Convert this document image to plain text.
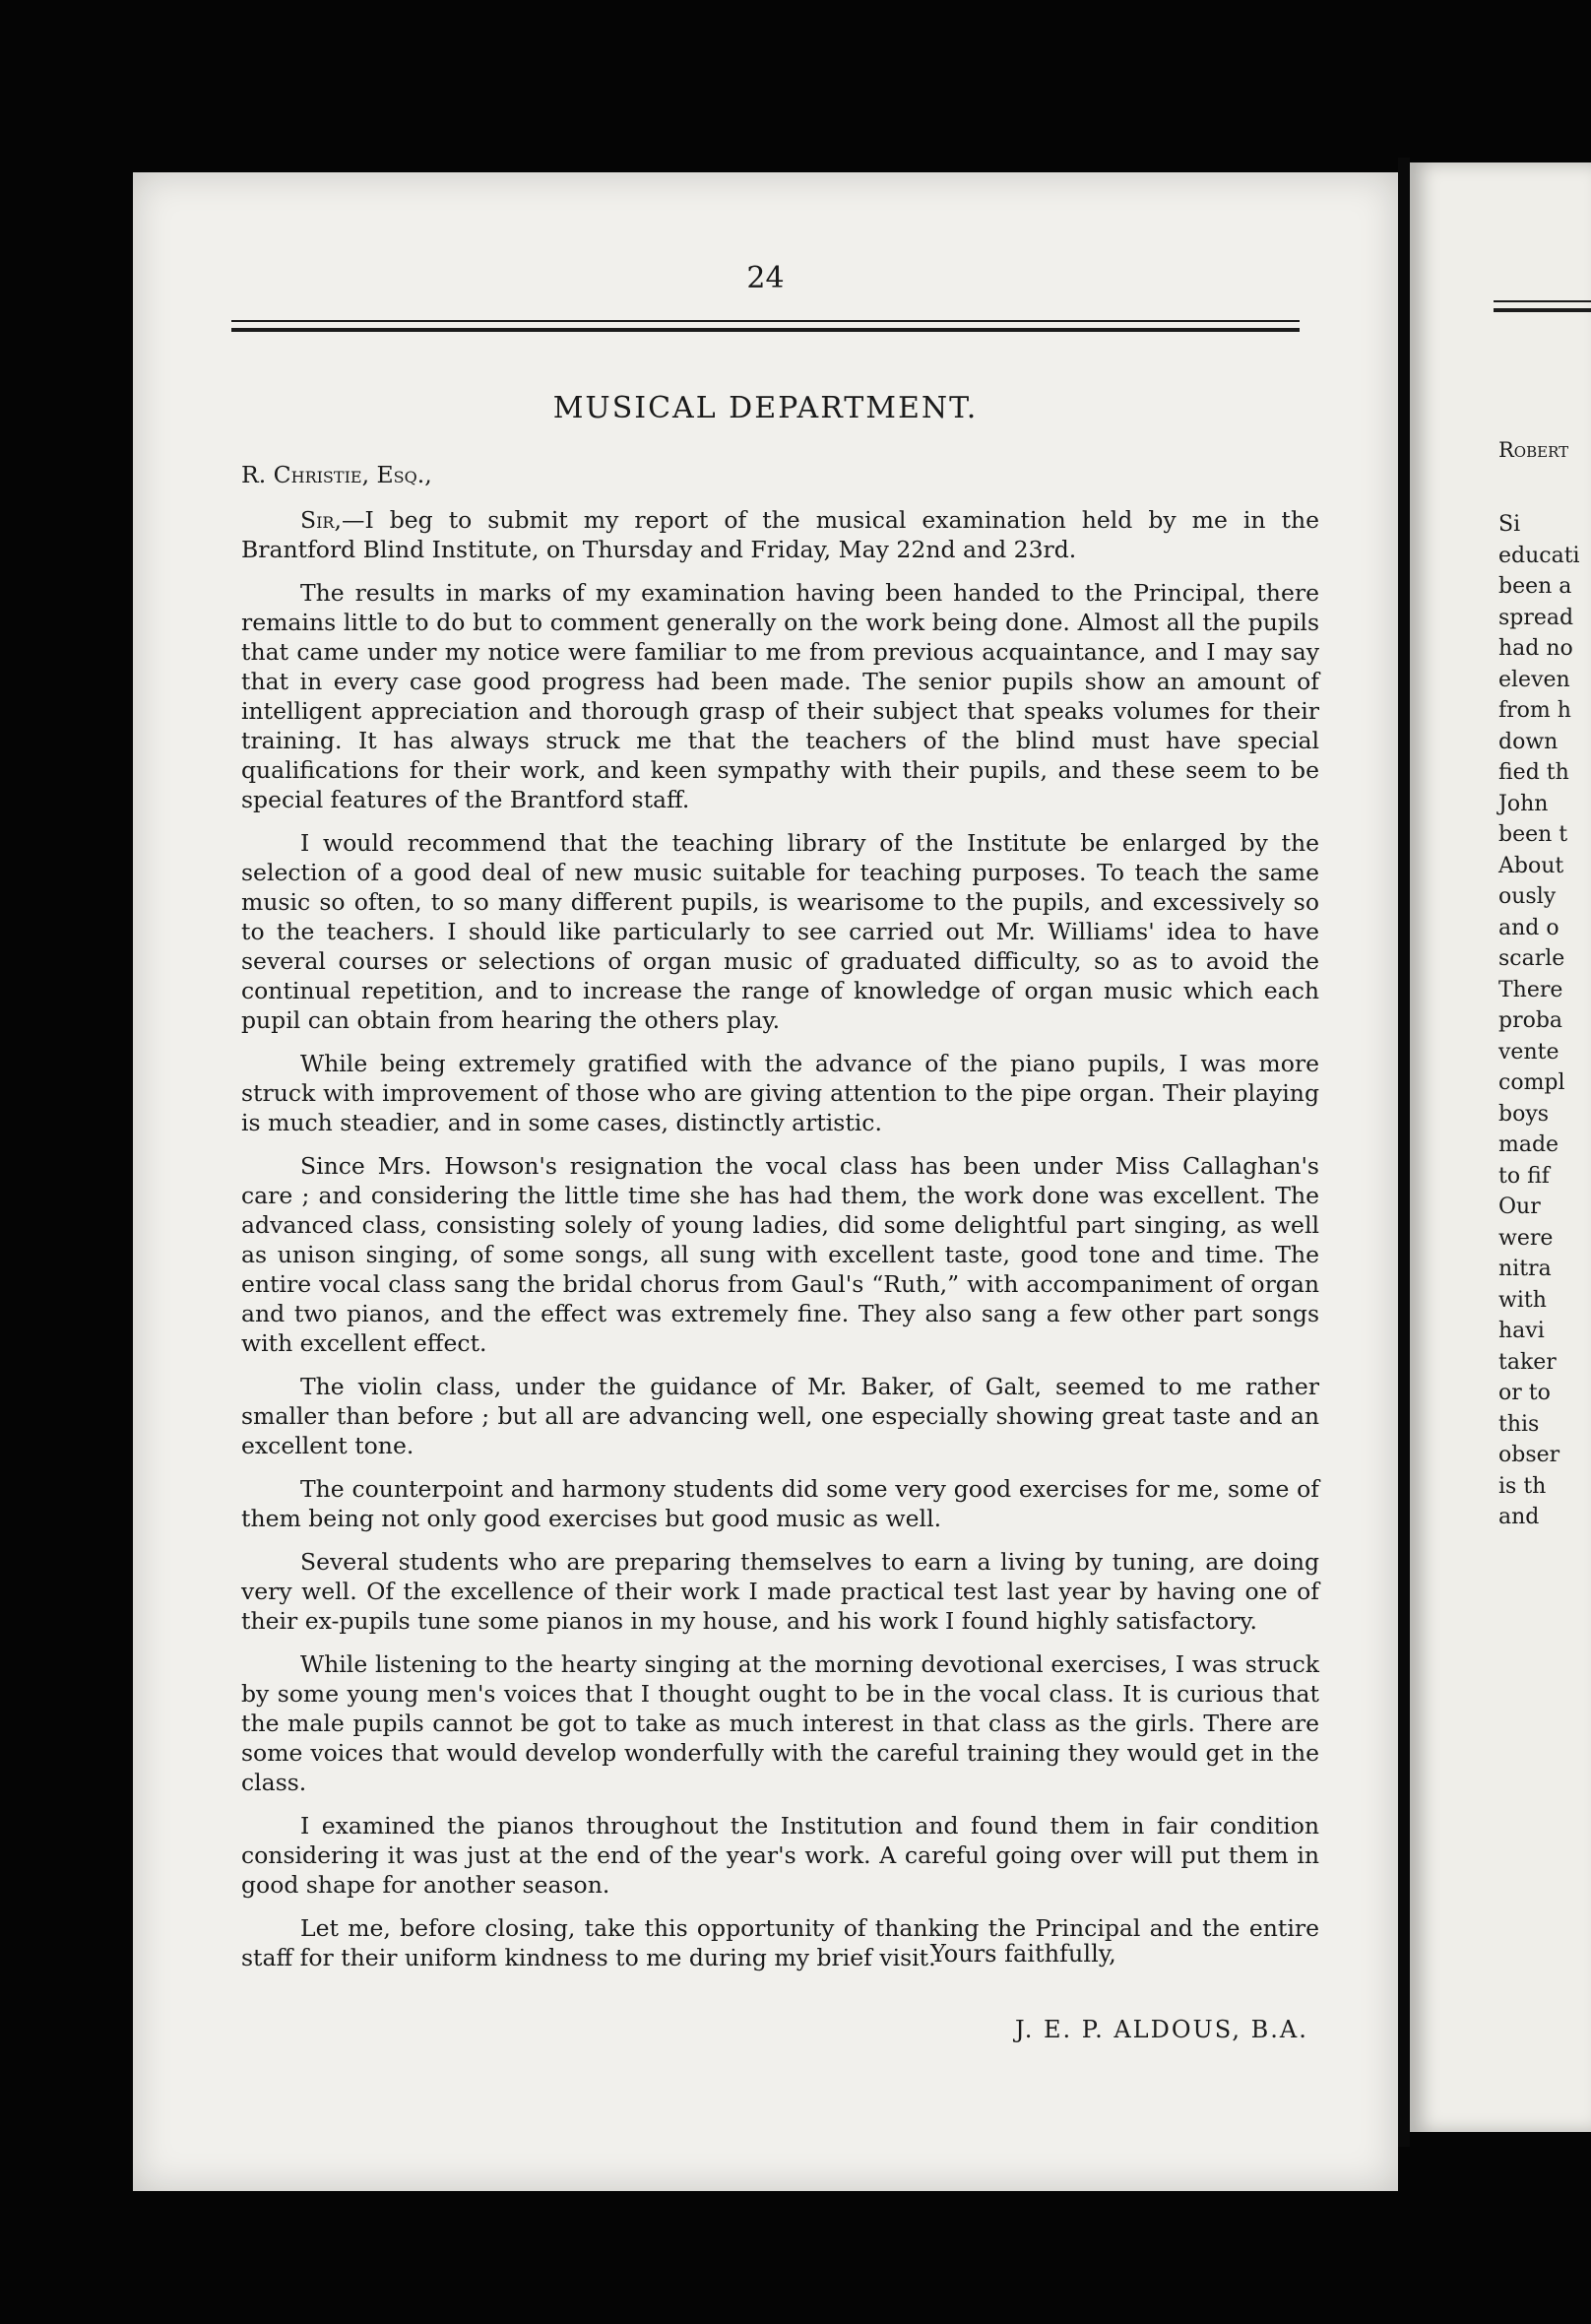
24
MUSICAL DEPARTMENT.
R. Christie, Esq.,

Sir,—I beg to submit my report of the musical examination held by me in the Brantford Blind Institute, on Thursday and Friday, May 22nd and 23rd.

The results in marks of my examination having been handed to the Principal, there remains little to do but to comment generally on the work being done. Almost all the pupils that came under my notice were familiar to me from previous acquaintance, and I may say that in every case good progress had been made. The senior pupils show an amount of intelligent appreciation and thorough grasp of their subject that speaks volumes for their training. It has always struck me that the teachers of the blind must have special qualifications for their work, and keen sympathy with their pupils, and these seem to be special features of the Brantford staff.

I would recommend that the teaching library of the Institute be enlarged by the selection of a good deal of new music suitable for teaching purposes. To teach the same music so often, to so many different pupils, is wearisome to the pupils, and excessively so to the teachers. I should like particularly to see carried out Mr. Williams' idea to have several courses or selections of organ music of graduated difficulty, so as to avoid the continual repetition, and to increase the range of knowledge of organ music which each pupil can obtain from hearing the others play.

While being extremely gratified with the advance of the piano pupils, I was more struck with improvement of those who are giving attention to the pipe organ. Their playing is much steadier, and in some cases, distinctly artistic.

Since Mrs. Howson's resignation the vocal class has been under Miss Callaghan's care ; and considering the little time she has had them, the work done was excellent. The advanced class, consisting solely of young ladies, did some delightful part singing, as well as unison singing, of some songs, all sung with excellent taste, good tone and time. The entire vocal class sang the bridal chorus from Gaul's “Ruth,” with accompaniment of organ and two pianos, and the effect was extremely fine. They also sang a few other part songs with excellent effect.

The violin class, under the guidance of Mr. Baker, of Galt, seemed to me rather smaller than before ; but all are advancing well, one especially showing great taste and an excellent tone.

The counterpoint and harmony students did some very good exercises for me, some of them being not only good exercises but good music as well.

Several students who are preparing themselves to earn a living by tuning, are doing very well. Of the excellence of their work I made practical test last year by having one of their ex-pupils tune some pianos in my house, and his work I found highly satisfactory.

While listening to the hearty singing at the morning devotional exercises, I was struck by some young men's voices that I thought ought to be in the vocal class. It is curious that the male pupils cannot be got to take as much interest in that class as the girls. There are some voices that would develop wonderfully with the careful training they would get in the class.

I examined the pianos throughout the Institution and found them in fair condition considering it was just at the end of the year's work. A careful going over will put them in good shape for another season.

Let me, before closing, take this opportunity of thanking the Principal and the entire staff for their uniform kindness to me during my brief visit.

Yours faithfully,
J. E. P. ALDOUS, B.A.
Robert
Si
educati
been a
spread
had no
eleven
from h
down
fied th
John
been t
About
ously
and o
scarle
There
proba
vente
compl
boys
made
to fif
Our
were
nitra
with
havi
taker
or to
this
obser
is th
and
